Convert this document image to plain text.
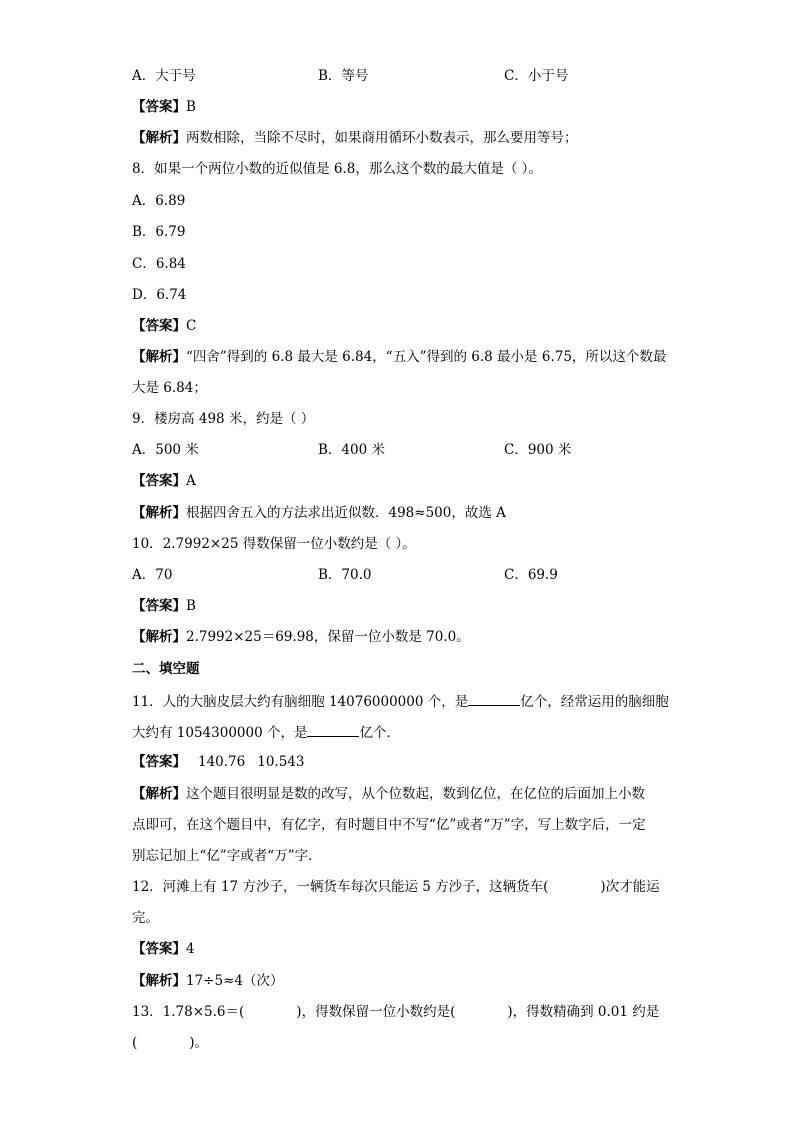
A．大于号	B．等号	C．小于号
【答案】B
【解析】两数相除，当除不尽时，如果商用循环小数表示，那么要用等号；
8．如果一个两位小数的近似值是 6.8，那么这个数的最大值是（ ）。
A．6.89
B．6.79
C．6.84
D．6.74
【答案】C
【解析】“四舍”得到的 6.8 最大是 6.84，“五入”得到的 6.8 最小是 6.75，所以这个数最
大是 6.84；
9．楼房高 498 米，约是（ ）
A．500 米	B．400 米	C．900 米
【答案】A
【解析】根据四舍五入的方法求出近似数．498≈500，故选 A
10．2.7992×25 得数保留一位小数约是（ ）。
A．70	B．70.0	C．69.9
【答案】B
【解析】2.7992×25＝69.98，保留一位小数是 70.0。
二、填空题
11．人的大脑皮层大约有脑细胞 14076000000 个，是	亿个，经常运用的脑细胞
大约有 1054300000 个，是	亿个．
【答案】 140.76 10.543
【解析】这个题目很明显是数的改写，从个位数起，数到亿位，在亿位的后面加上小数
点即可，在这个题目中，有亿字，有时题目中不写“亿”或者“万”字，写上数字后，一定
别忘记加上“亿”字或者“万”字．
12．河滩上有 17 方沙子，一辆货车每次只能运 5 方沙子，这辆货车(	)次才能运
完。
【答案】4
【解析】17÷5≈4（次）
13．1.78×5.6＝(	)，得数保留一位小数约是(	)，得数精确到 0.01 约是
(	)。
